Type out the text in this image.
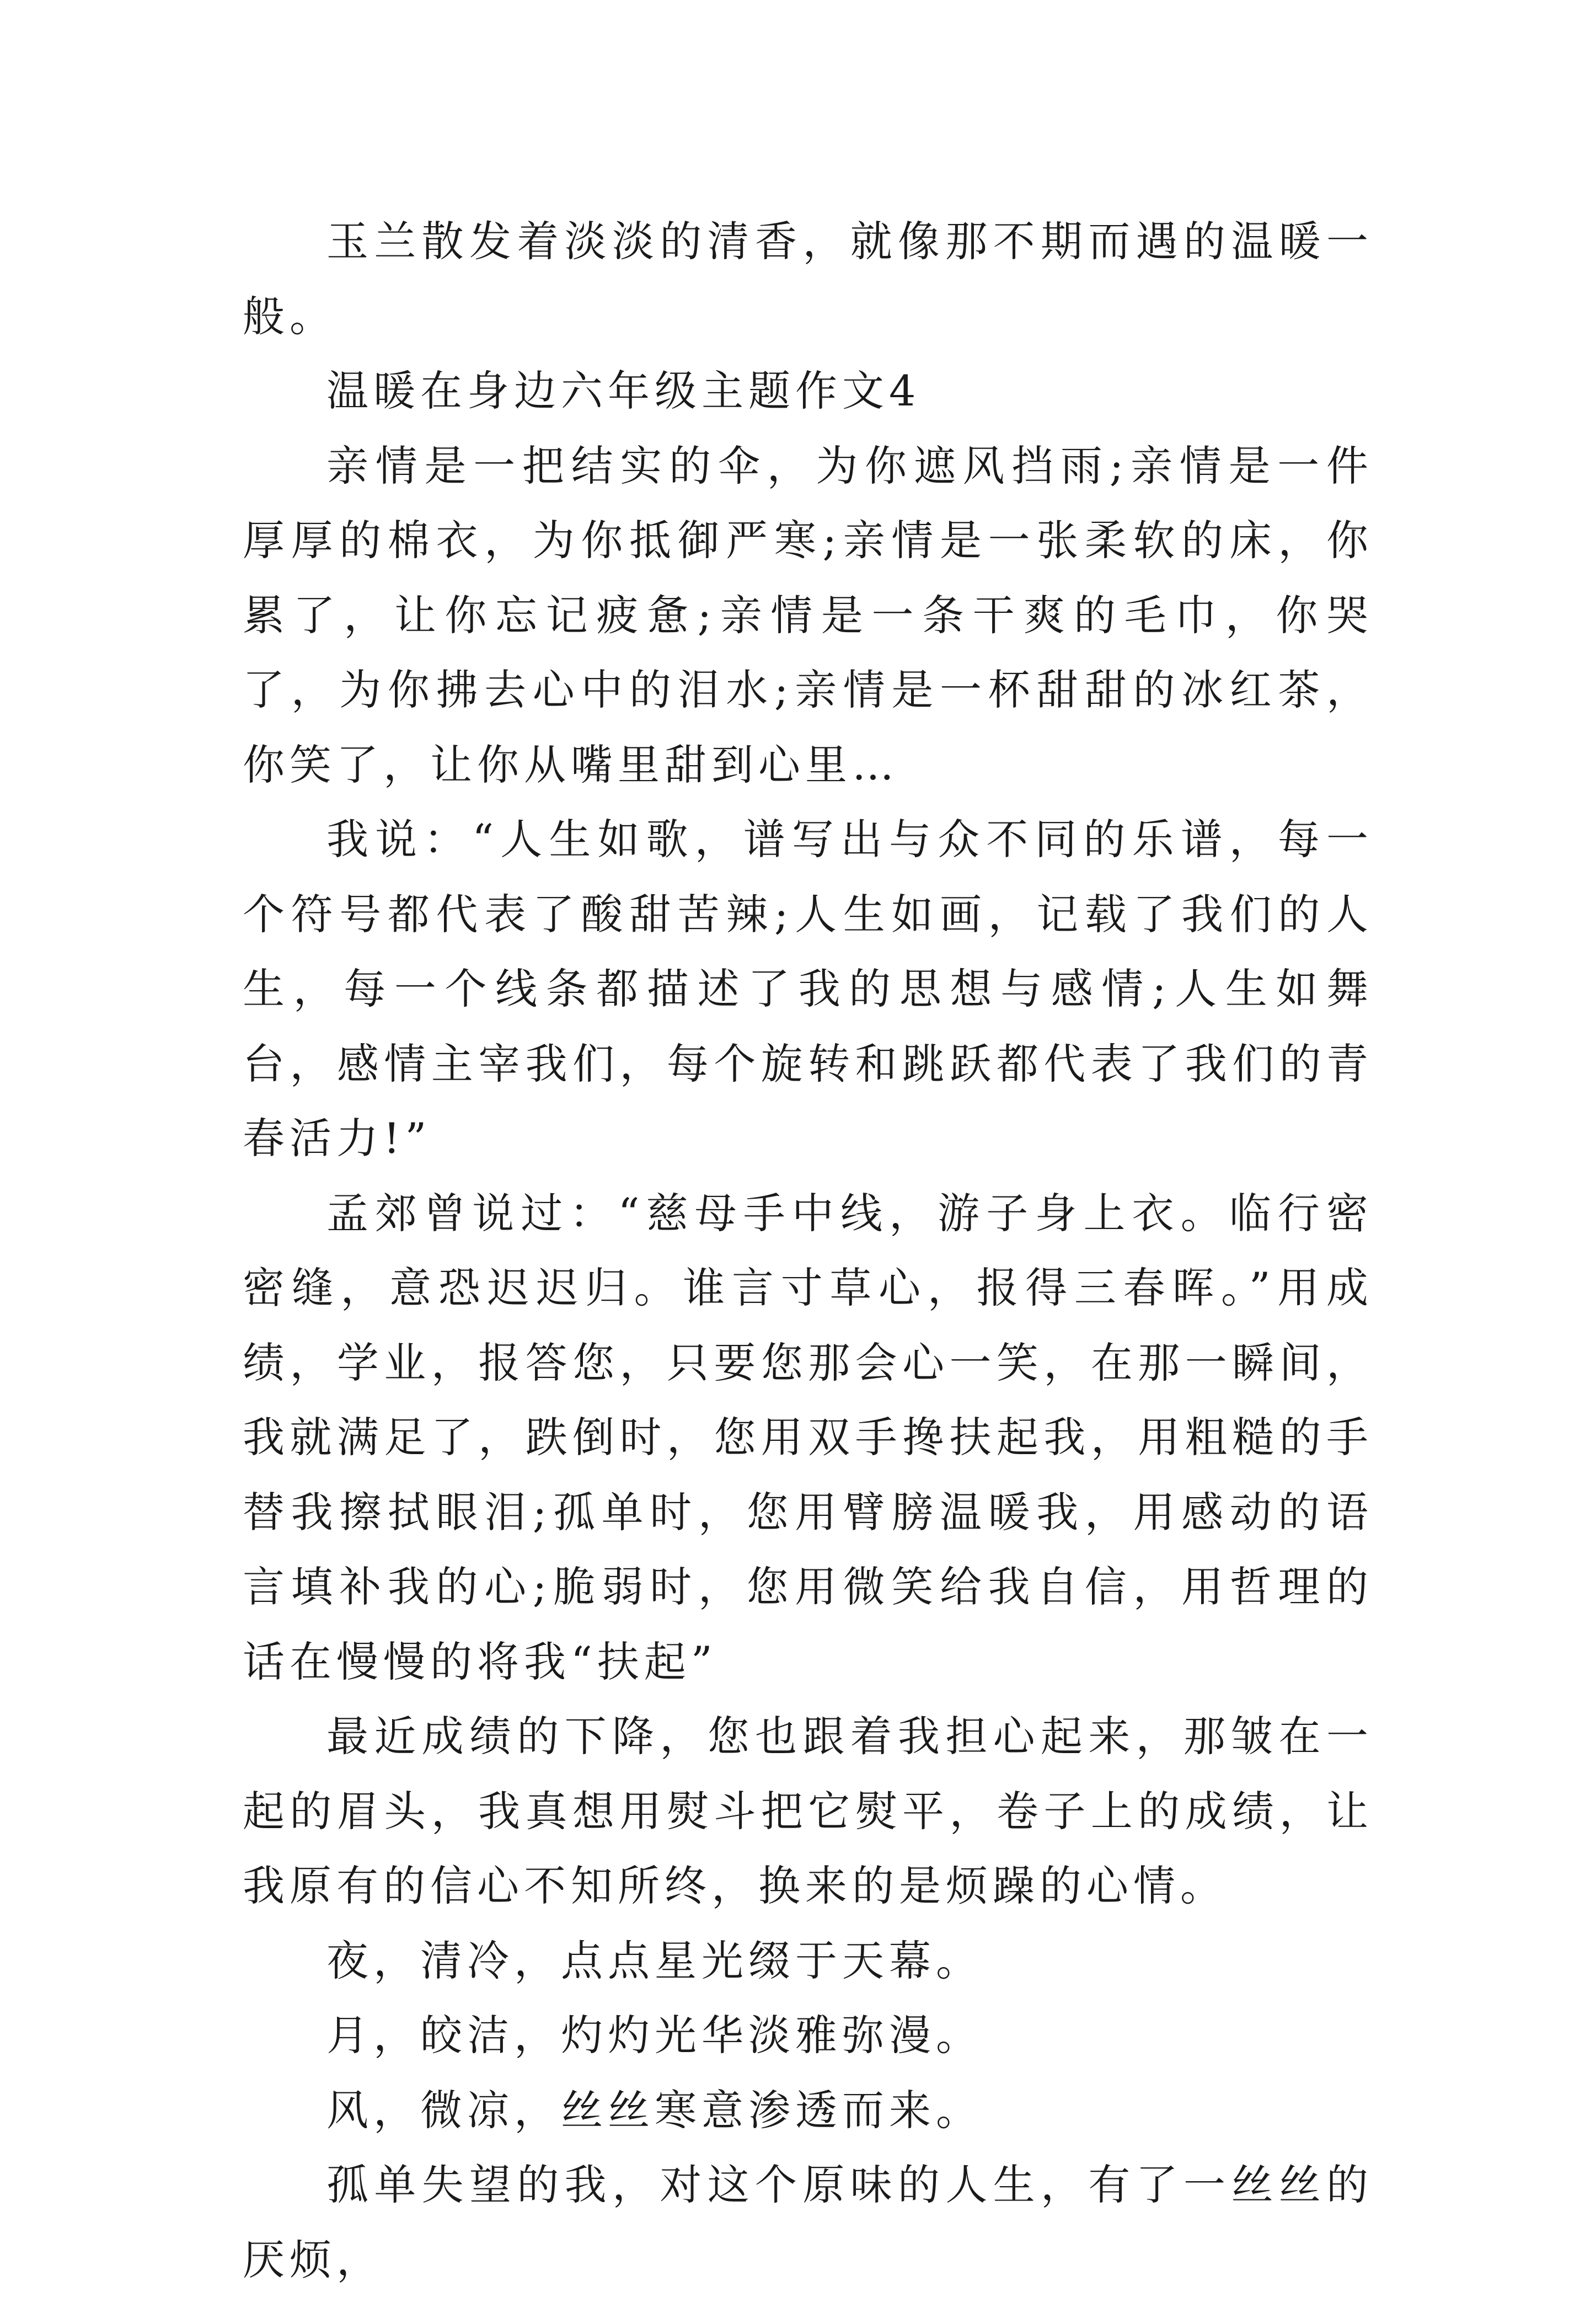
玉兰散发着淡淡的清香，就像那不期而遇的温暖一般。

温暖在身边六年级主题作文4

亲情是一把结实的伞，为你遮风挡雨;亲情是一件厚厚的棉衣，为你抵御严寒;亲情是一张柔软的床，你累了，让你忘记疲惫;亲情是一条干爽的毛巾，你哭了，为你拂去心中的泪水;亲情是一杯甜甜的冰红茶，你笑了，让你从嘴里甜到心里…

我说：“人生如歌，谱写出与众不同的乐谱，每一个符号都代表了酸甜苦辣;人生如画，记载了我们的人生，每一个线条都描述了我的思想与感情;人生如舞台，感情主宰我们，每个旋转和跳跃都代表了我们的青春活力!”

孟郊曾说过：“慈母手中线，游子身上衣。临行密密缝，意恐迟迟归。谁言寸草心，报得三春晖。”用成绩，学业，报答您，只要您那会心一笑，在那一瞬间，我就满足了，跌倒时，您用双手搀扶起我，用粗糙的手替我擦拭眼泪;孤单时，您用臂膀温暖我，用感动的语言填补我的心;脆弱时，您用微笑给我自信，用哲理的话在慢慢的将我“扶起”

最近成绩的下降，您也跟着我担心起来，那皱在一起的眉头，我真想用熨斗把它熨平，卷子上的成绩，让我原有的信心不知所终，换来的是烦躁的心情。

夜，清冷，点点星光缀于天幕。

月，皎洁，灼灼光华淡雅弥漫。

风，微凉，丝丝寒意渗透而来。

孤单失望的我，对这个原味的人生，有了一丝丝的厌烦，
